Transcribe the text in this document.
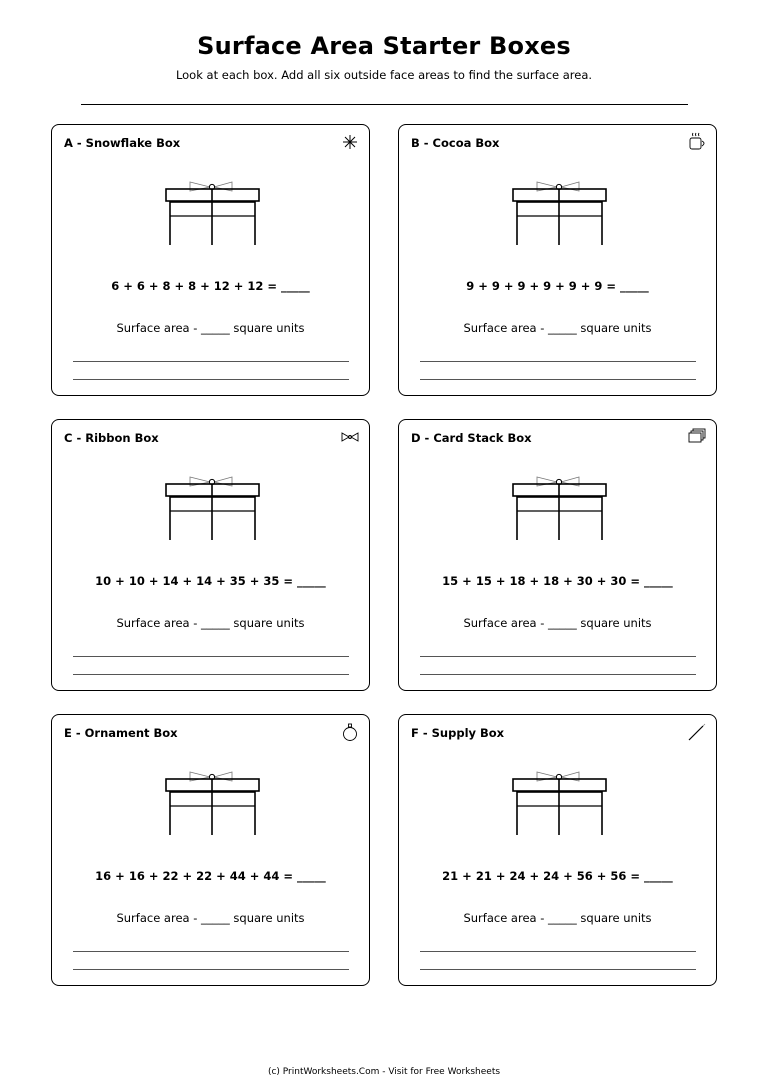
Surface Area Starter Boxes
Look at each box. Add all six outside face areas to find the surface area.
A - Snowflake Box
6 + 6 + 8 + 8 + 12 + 12 = _____
Surface area - _____ square units
B - Cocoa Box
9 + 9 + 9 + 9 + 9 + 9 = _____
Surface area - _____ square units
C - Ribbon Box
10 + 10 + 14 + 14 + 35 + 35 = _____
Surface area - _____ square units
D - Card Stack Box
15 + 15 + 18 + 18 + 30 + 30 = _____
Surface area - _____ square units
E - Ornament Box
16 + 16 + 22 + 22 + 44 + 44 = _____
Surface area - _____ square units
F - Supply Box
21 + 21 + 24 + 24 + 56 + 56 = _____
Surface area - _____ square units
(c) PrintWorksheets.Com - Visit for Free Worksheets
